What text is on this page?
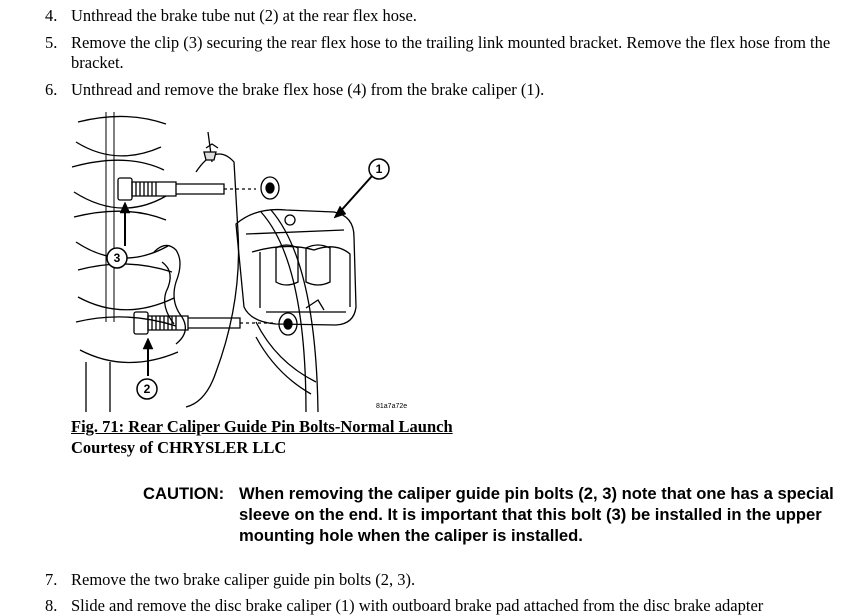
4. Unthread the brake tube nut (2) at the rear flex hose.
5. Remove the clip (3) securing the rear flex hose to the trailing link mounted bracket. Remove the flex hose from the bracket.
6. Unthread and remove the brake flex hose (4) from the brake caliper (1).
1
3
2
81a7a72e
Fig. 71: Rear Caliper Guide Pin Bolts-Normal Launch
Courtesy of CHRYSLER LLC
CAUTION: When removing the caliper guide pin bolts (2, 3) note that one has a special sleeve on the end. It is important that this bolt (3) be installed in the upper mounting hole when the caliper is installed.
7. Remove the two brake caliper guide pin bolts (2, 3).
8. Slide and remove the disc brake caliper (1) with outboard brake pad attached from the disc brake adapter
